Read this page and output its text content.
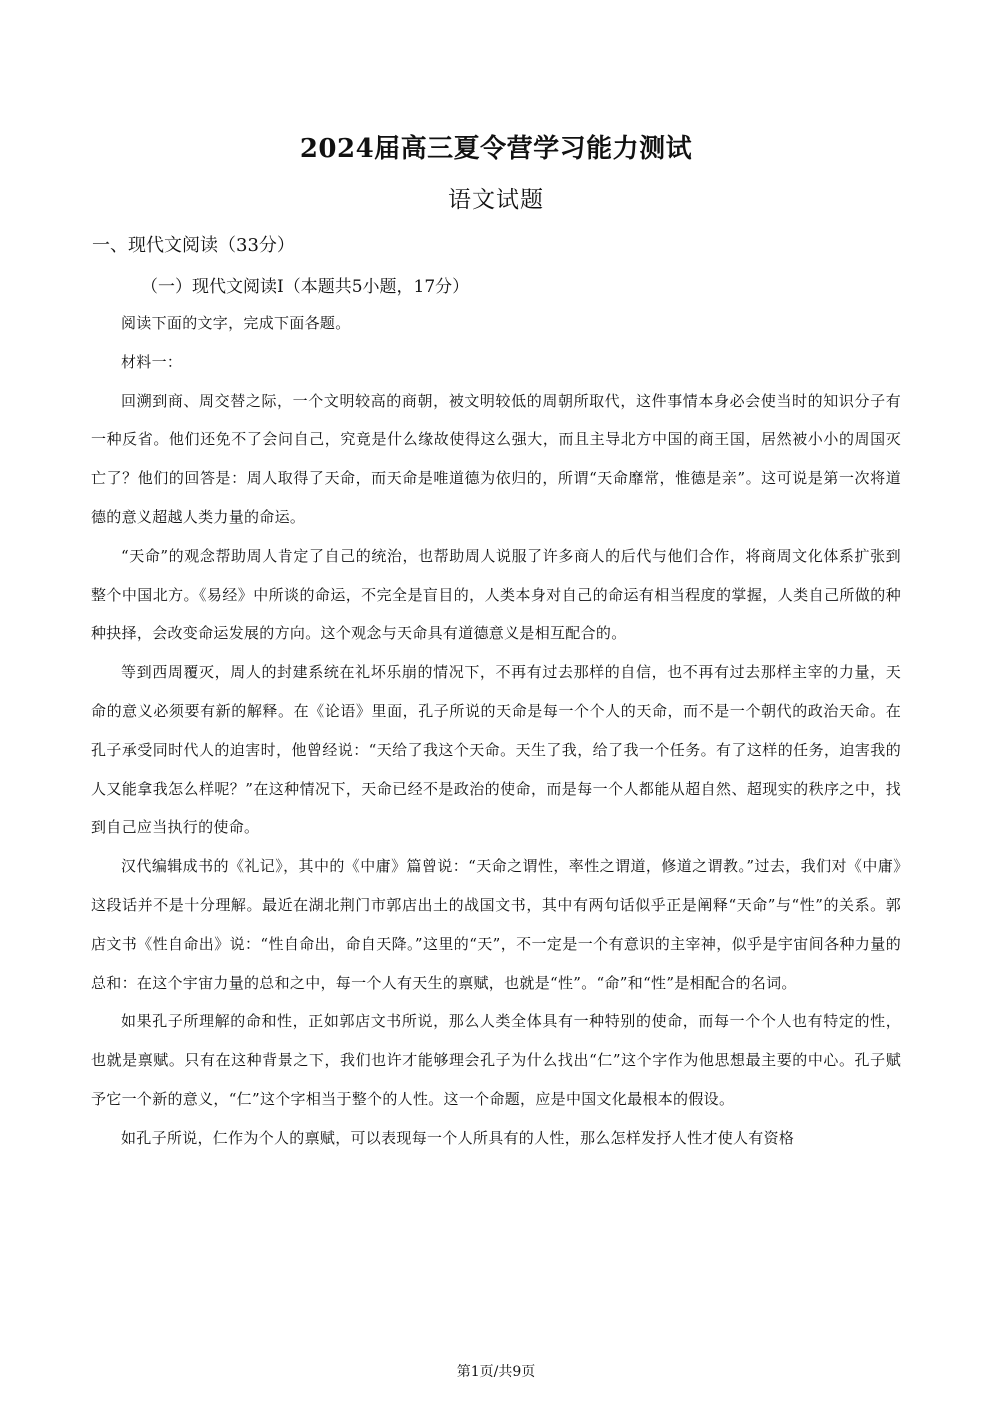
2024届高三夏令营学习能力测试
语文试题
一、现代文阅读（33分）
（一）现代文阅读Ⅰ（本题共5小题，17分）

阅读下面的文字，完成下面各题。

材料一：

回溯到商、周交替之际，一个文明较高的商朝，被文明较低的周朝所取代，这件事情本身必会使当时的知识分子有一种反省。他们还免不了会问自己，究竟是什么缘故使得这么强大，而且主导北方中国的商王国，居然被小小的周国灭亡了？他们的回答是：周人取得了天命，而天命是唯道德为依归的，所谓“天命靡常，惟德是亲”。这可说是第一次将道德的意义超越人类力量的命运。

“天命”的观念帮助周人肯定了自己的统治，也帮助周人说服了许多商人的后代与他们合作，将商周文化体系扩张到整个中国北方。《易经》中所谈的命运，不完全是盲目的，人类本身对自己的命运有相当程度的掌握，人类自己所做的种种抉择，会改变命运发展的方向。这个观念与天命具有道德意义是相互配合的。

等到西周覆灭，周人的封建系统在礼坏乐崩的情况下，不再有过去那样的自信，也不再有过去那样主宰的力量，天命的意义必须要有新的解释。在《论语》里面，孔子所说的天命是每一个个人的天命，而不是一个朝代的政治天命。在孔子承受同时代人的迫害时，他曾经说：“天给了我这个天命。天生了我，给了我一个任务。有了这样的任务，迫害我的人又能拿我怎么样呢？”在这种情况下，天命已经不是政治的使命，而是每一个人都能从超自然、超现实的秩序之中，找到自己应当执行的使命。

汉代编辑成书的《礼记》，其中的《中庸》篇曾说：“天命之谓性，率性之谓道，修道之谓教。”过去，我们对《中庸》这段话并不是十分理解。最近在湖北荆门市郭店出土的战国文书，其中有两句话似乎正是阐释“天命”与“性”的关系。郭店文书《性自命出》说：“性自命出，命自天降。”这里的“天”，不一定是一个有意识的主宰神，似乎是宇宙间各种力量的总和：在这个宇宙力量的总和之中，每一个人有天生的禀赋，也就是“性”。“命”和“性”是相配合的名词。

如果孔子所理解的命和性，正如郭店文书所说，那么人类全体具有一种特别的使命，而每一个个人也有特定的性，也就是禀赋。只有在这种背景之下，我们也许才能够理会孔子为什么找出“仁”这个字作为他思想最主要的中心。孔子赋予它一个新的意义，“仁”这个字相当于整个的人性。这一个命题，应是中国文化最根本的假设。

如孔子所说，仁作为个人的禀赋，可以表现每一个人所具有的人性，那么怎样发抒人性才使人有资格

第1页/共9页
